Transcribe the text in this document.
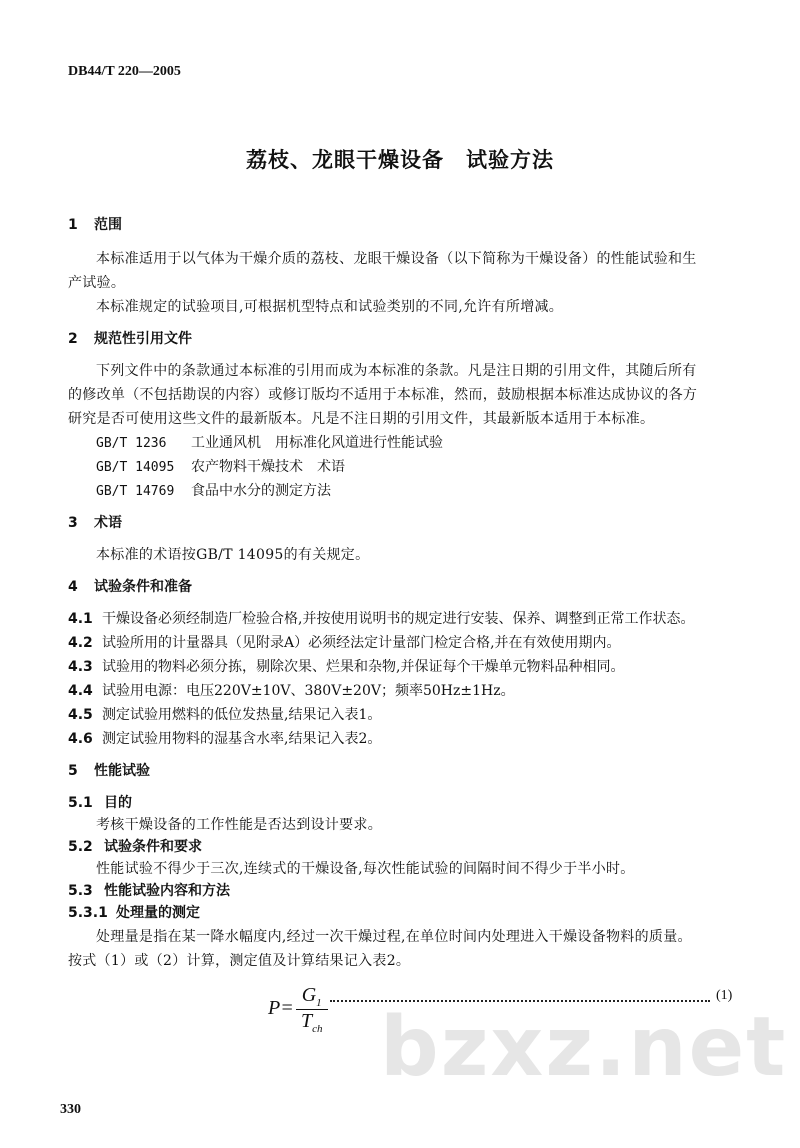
DB44/T 220—2005
荔枝、龙眼干燥设备　试验方法
1 范围
本标准适用于以气体为干燥介质的荔枝、龙眼干燥设备（以下简称为干燥设备）的性能试验和生
产试验。
本标准规定的试验项目,可根据机型特点和试验类别的不同,允许有所增减。
2 规范性引用文件
下列文件中的条款通过本标准的引用而成为本标准的条款。凡是注日期的引用文件，其随后所有
的修改单（不包括勘误的内容）或修订版均不适用于本标准，然而，鼓励根据本标准达成协议的各方
研究是否可使用这些文件的最新版本。凡是不注日期的引用文件，其最新版本适用于本标准。
GB/T 1236 工业通风机　用标准化风道进行性能试验
GB/T 14095 农产物料干燥技术　术语
GB/T 14769 食品中水分的测定方法
3 术语
本标准的术语按GB/T 14095的有关规定。
4 试验条件和准备
4.1 干燥设备必须经制造厂检验合格,并按使用说明书的规定进行安装、保养、调整到正常工作状态。
4.2 试验所用的计量器具（见附录A）必须经法定计量部门检定合格,并在有效使用期内。
4.3 试验用的物料必须分拣，剔除次果、烂果和杂物,并保证每个干燥单元物料品种相同。
4.4 试验用电源：电压220V±10V、380V±20V；频率50Hz±1Hz。
4.5 测定试验用燃料的低位发热量,结果记入表1。
4.6 测定试验用物料的湿基含水率,结果记入表2。
5 性能试验
5.1 目的
考核干燥设备的工作性能是否达到设计要求。
5.2 试验条件和要求
性能试验不得少于三次,连续式的干燥设备,每次性能试验的间隔时间不得少于半小时。
5.3 性能试验内容和方法
5.3.1 处理量的测定
处理量是指在某一降水幅度内,经过一次干燥过程,在单位时间内处理进入干燥设备物料的质量。
按式（1）或（2）计算，测定值及计算结果记入表2。
$P= \frac{G_1}{T_{ch}}$	(1)
bzxz.net
330
